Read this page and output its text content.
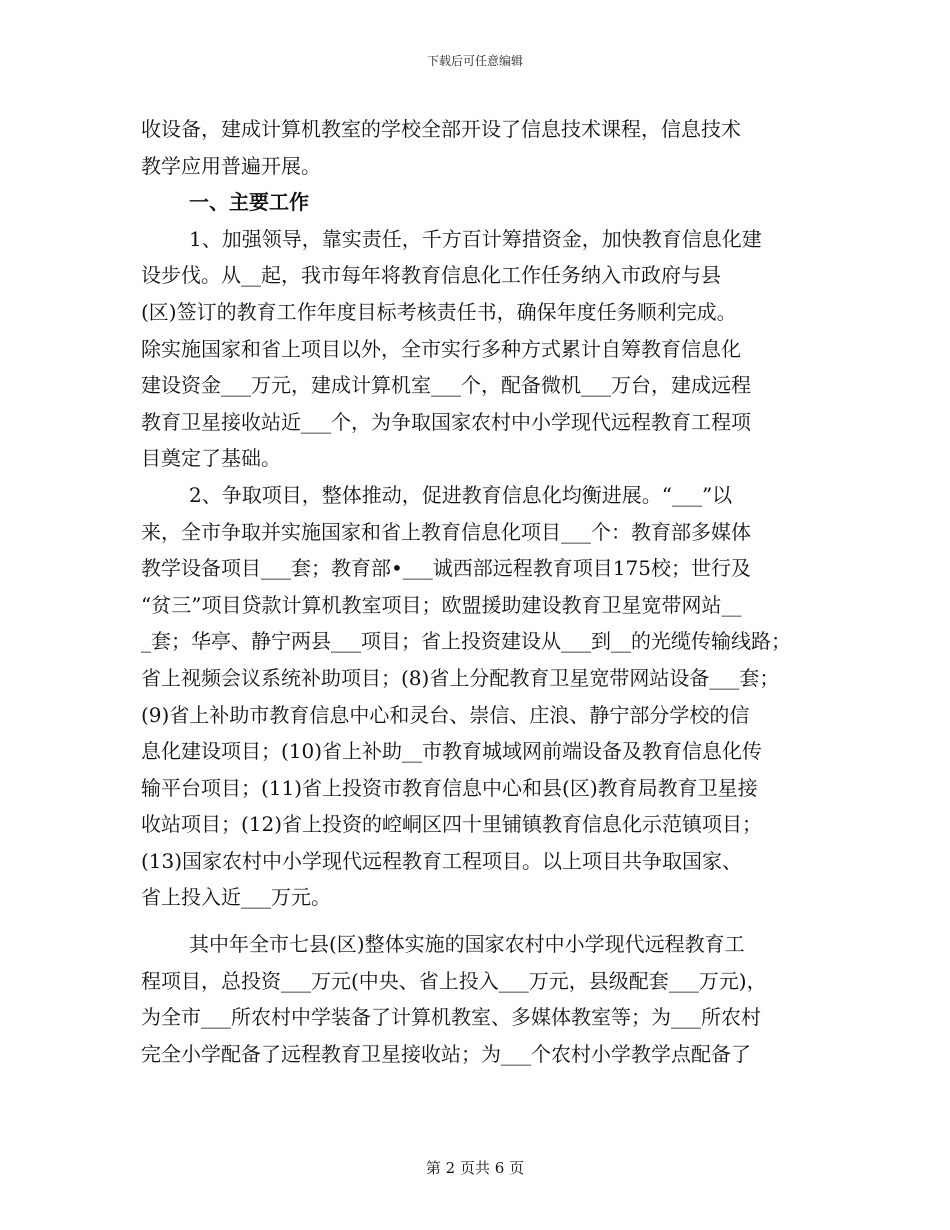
下载后可任意编辑
收设备，建成计算机教室的学校全部开设了信息技术课程，信息技术
教学应用普遍开展。
一、主要工作
1、加强领导，靠实责任，千方百计筹措资金，加快教育信息化建
设步伐。从__起，我市每年将教育信息化工作任务纳入市政府与县
(区)签订的教育工作年度目标考核责任书，确保年度任务顺利完成。
除实施国家和省上项目以外，全市实行多种方式累计自筹教育信息化
建设资金___万元，建成计算机室___个，配备微机___万台，建成远程
教育卫星接收站近___个，为争取国家农村中小学现代远程教育工程项
目奠定了基础。
2、争取项目，整体推动，促进教育信息化均衡进展。“___”以
来，全市争取并实施国家和省上教育信息化项目___个：教育部多媒体
教学设备项目___套；教育部•___诚西部远程教育项目175校；世行及
“贫三”项目贷款计算机教室项目；欧盟援助建设教育卫星宽带网站__
_套；华亭、静宁两县___项目；省上投资建设从___到__的光缆传输线路；
省上视频会议系统补助项目；(8)省上分配教育卫星宽带网站设备___套；
(9)省上补助市教育信息中心和灵台、崇信、庄浪、静宁部分学校的信
息化建设项目；(10)省上补助__市教育城域网前端设备及教育信息化传
输平台项目；(11)省上投资市教育信息中心和县(区)教育局教育卫星接
收站项目；(12)省上投资的崆峒区四十里铺镇教育信息化示范镇项目；
(13)国家农村中小学现代远程教育工程项目。以上项目共争取国家、
省上投入近___万元。
其中年全市七县(区)整体实施的国家农村中小学现代远程教育工
程项目，总投资___万元(中央、省上投入___万元，县级配套___万元)，
为全市___所农村中学装备了计算机教室、多媒体教室等；为___所农村
完全小学配备了远程教育卫星接收站；为___个农村小学教学点配备了
第 2 页共 6 页
